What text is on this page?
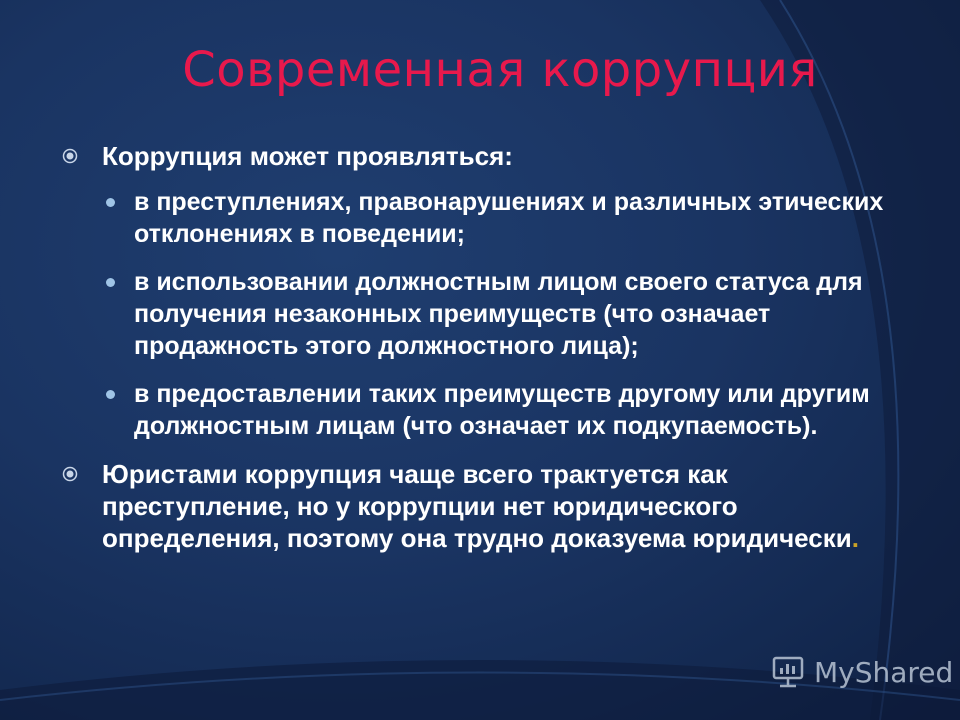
Современная коррупция
Коррупция может проявляться:
в преступлениях, правонарушениях и различных этических отклонениях в поведении;
в использовании должностным лицом своего статуса для получения незаконных преимуществ (что означает продажность этого должностного лица);
в предоставлении таких преимуществ другому или другим должностным лицам (что означает их подкупаемость).
Юристами коррупция чаще всего трактуется как преступление, но у коррупции нет юридического определения, поэтому она трудно доказуема юридически.
MyShared
